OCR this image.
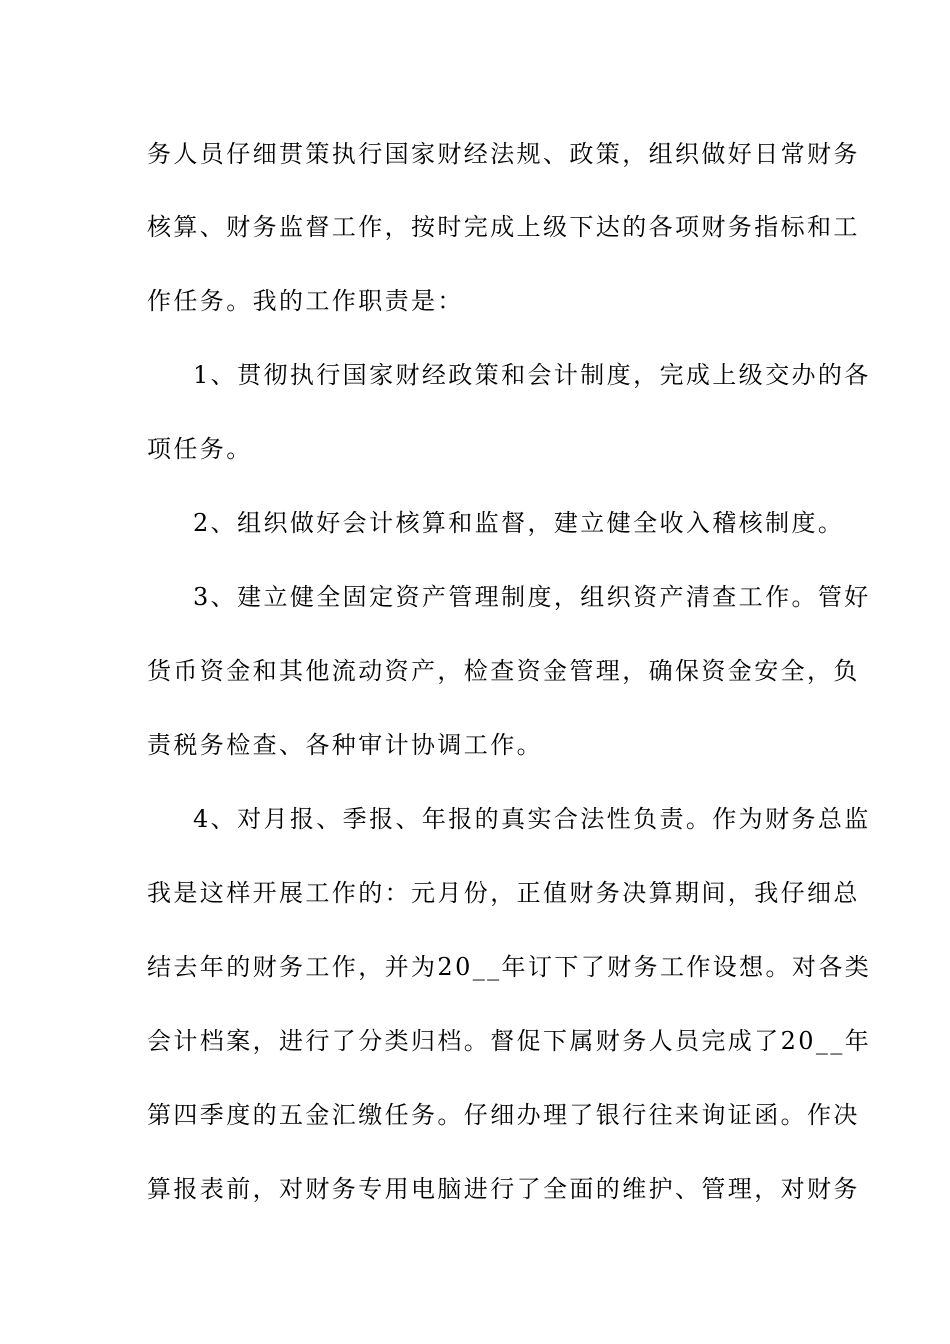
务人员仔细贯策执行国家财经法规、政策，组织做好日常财务
核算、财务监督工作，按时完成上级下达的各项财务指标和工
作任务。我的工作职责是：
1、贯彻执行国家财经政策和会计制度，完成上级交办的各
项任务。
2、组织做好会计核算和监督，建立健全收入稽核制度。
3、建立健全固定资产管理制度，组织资产清查工作。管好
货币资金和其他流动资产，检查资金管理，确保资金安全，负
责税务检查、各种审计协调工作。
4、对月报、季报、年报的真实合法性负责。作为财务总监
我是这样开展工作的：元月份，正值财务决算期间，我仔细总
结去年的财务工作，并为20__年订下了财务工作设想。对各类
会计档案，进行了分类归档。督促下属财务人员完成了20__年
第四季度的五金汇缴任务。仔细办理了银行往来询证函。作决
算报表前，对财务专用电脑进行了全面的维护、管理，对财务
